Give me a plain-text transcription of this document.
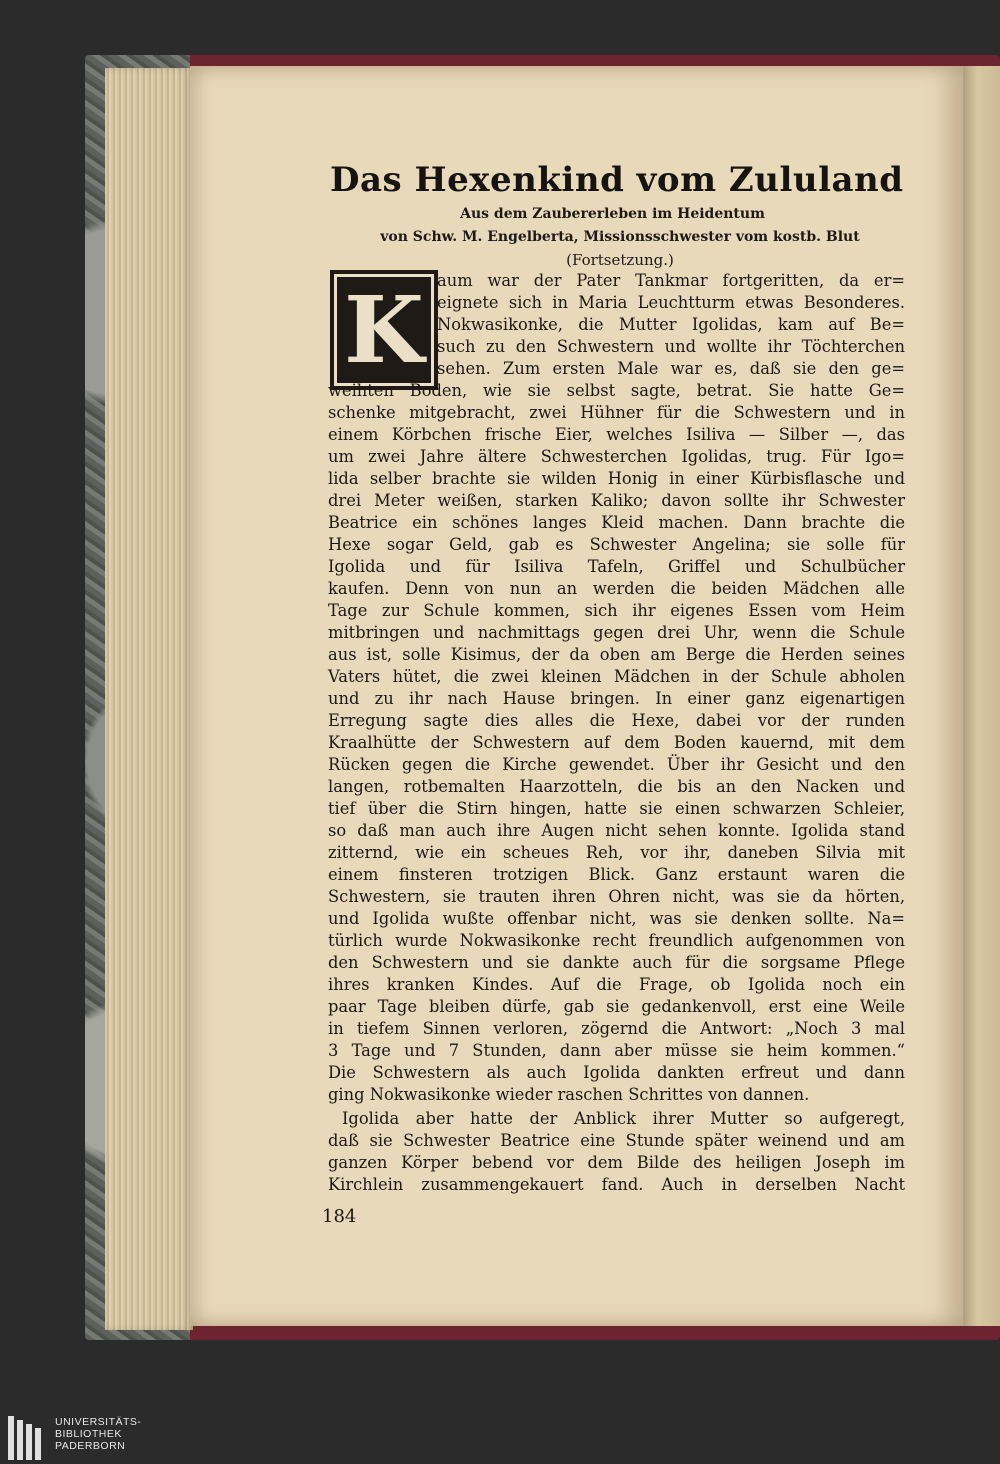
Das Hexenkind vom Zululand
Aus dem Zaubererleben im Heidentum
von Schw. M. Engelberta, Missionsschwester vom kostb. Blut
(Fortsetzung.)
K aum war der Pater Tankmar fortgeritten, da er=

eignete sich in Maria Leuchtturm etwas Besonderes.

Nokwasikonke, die Mutter Igolidas, kam auf Be=

such zu den Schwestern und wollte ihr Töchterchen

sehen. Zum ersten Male war es, daß sie den ge=

weihten Boden, wie sie selbst sagte, betrat. Sie hatte Ge=

schenke mitgebracht, zwei Hühner für die Schwestern und in

einem Körbchen frische Eier, welches Isiliva — Silber —, das

um zwei Jahre ältere Schwesterchen Igolidas, trug. Für Igo=

lida selber brachte sie wilden Honig in einer Kürbisflasche und

drei Meter weißen, starken Kaliko; davon sollte ihr Schwester

Beatrice ein schönes langes Kleid machen. Dann brachte die

Hexe sogar Geld, gab es Schwester Angelina; sie solle für

Igolida und für Isiliva Tafeln, Griffel und Schulbücher

kaufen. Denn von nun an werden die beiden Mädchen alle

Tage zur Schule kommen, sich ihr eigenes Essen vom Heim

mitbringen und nachmittags gegen drei Uhr, wenn die Schule

aus ist, solle Kisimus, der da oben am Berge die Herden seines

Vaters hütet, die zwei kleinen Mädchen in der Schule abholen

und zu ihr nach Hause bringen. In einer ganz eigenartigen

Erregung sagte dies alles die Hexe, dabei vor der runden

Kraalhütte der Schwestern auf dem Boden kauernd, mit dem

Rücken gegen die Kirche gewendet. Über ihr Gesicht und den

langen, rotbemalten Haarzotteln, die bis an den Nacken und

tief über die Stirn hingen, hatte sie einen schwarzen Schleier,

so daß man auch ihre Augen nicht sehen konnte. Igolida stand

zitternd, wie ein scheues Reh, vor ihr, daneben Silvia mit

einem finsteren trotzigen Blick. Ganz erstaunt waren die

Schwestern, sie trauten ihren Ohren nicht, was sie da hörten,

und Igolida wußte offenbar nicht, was sie denken sollte. Na=

türlich wurde Nokwasikonke recht freundlich aufgenommen von

den Schwestern und sie dankte auch für die sorgsame Pflege

ihres kranken Kindes. Auf die Frage, ob Igolida noch ein

paar Tage bleiben dürfe, gab sie gedankenvoll, erst eine Weile

in tiefem Sinnen verloren, zögernd die Antwort: „Noch 3 mal

3 Tage und 7 Stunden, dann aber müsse sie heim kommen.“

Die Schwestern als auch Igolida dankten erfreut und dann

ging Nokwasikonke wieder raschen Schrittes von dannen.

Igolida aber hatte der Anblick ihrer Mutter so aufgeregt,

daß sie Schwester Beatrice eine Stunde später weinend und am

ganzen Körper bebend vor dem Bilde des heiligen Joseph im

Kirchlein zusammengekauert fand. Auch in derselben Nacht

184

UNIVERSITÄTS-
BIBLIOTHEK
PADERBORN
